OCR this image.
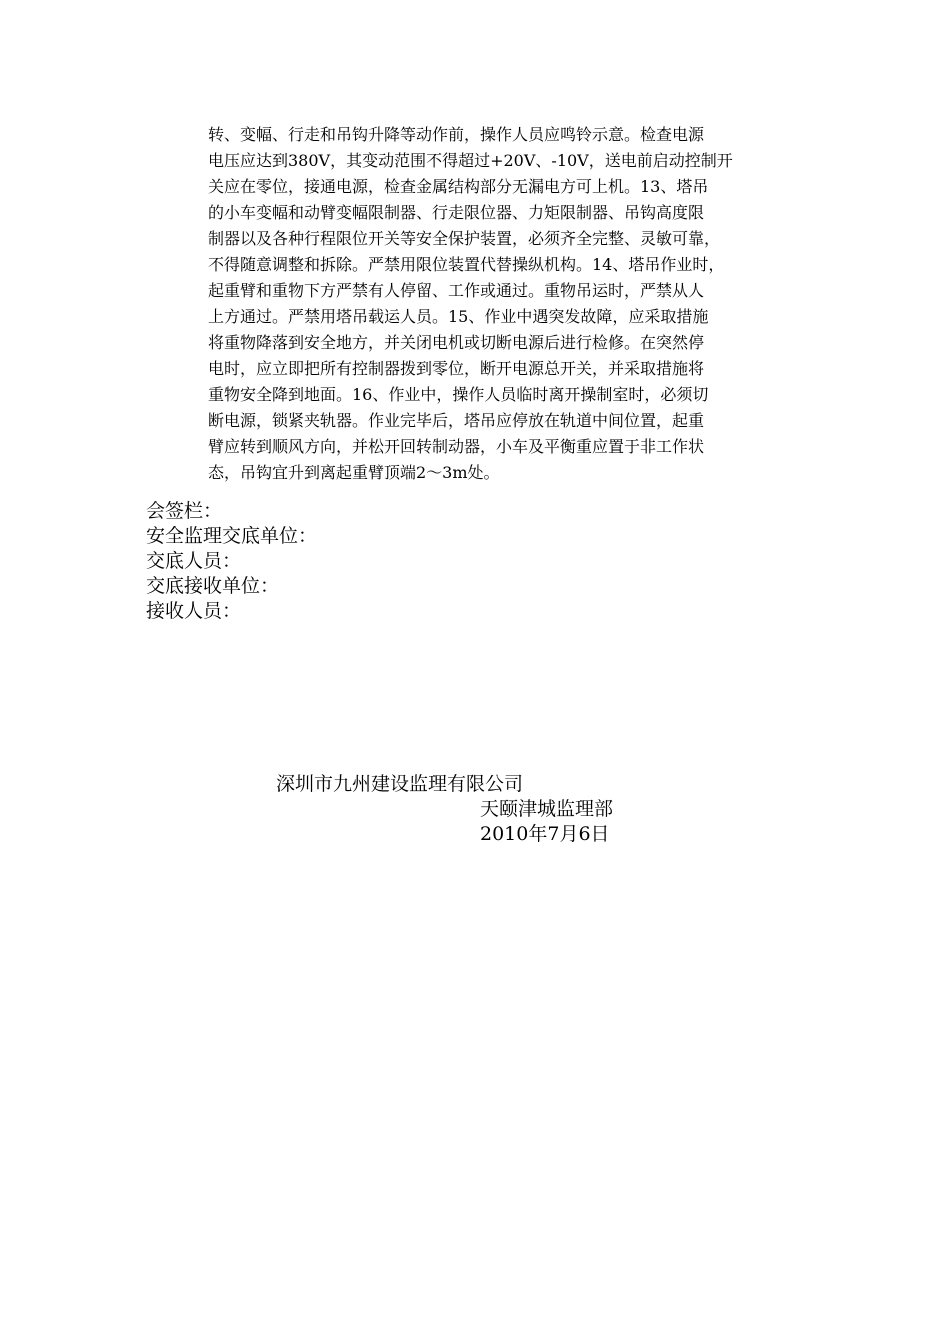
转、变幅、行走和吊钩升降等动作前，操作人员应鸣铃示意。检查电源
电压应达到380V，其变动范围不得超过+20V、-10V，送电前启动控制开
关应在零位，接通电源，检查金属结构部分无漏电方可上机。13、塔吊
的小车变幅和动臂变幅限制器、行走限位器、力矩限制器、吊钩高度限
制器以及各种行程限位开关等安全保护装置，必须齐全完整、灵敏可靠，
不得随意调整和拆除。严禁用限位装置代替操纵机构。14、塔吊作业时，
起重臂和重物下方严禁有人停留、工作或通过。重物吊运时，严禁从人
上方通过。严禁用塔吊载运人员。15、作业中遇突发故障，应采取措施
将重物降落到安全地方，并关闭电机或切断电源后进行检修。在突然停
电时，应立即把所有控制器拨到零位，断开电源总开关，并采取措施将
重物安全降到地面。16、作业中，操作人员临时离开操制室时，必须切
断电源，锁紧夹轨器。作业完毕后，塔吊应停放在轨道中间位置，起重
臂应转到顺风方向，并松开回转制动器，小车及平衡重应置于非工作状
态，吊钩宜升到离起重臂顶端2～3m处。
会签栏：
安全监理交底单位：
交底人员：
交底接收单位：
接收人员：
深圳市九州建设监理有限公司
天颐津城监理部
2010年7月6日
